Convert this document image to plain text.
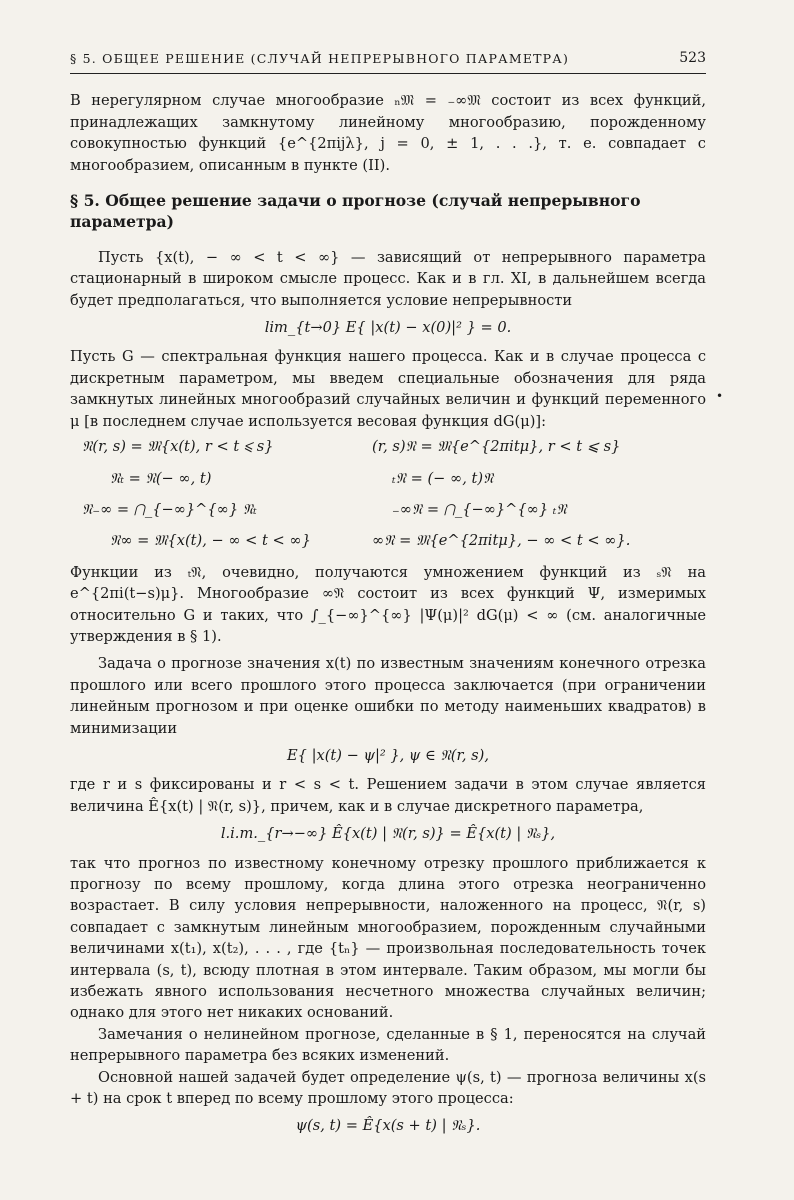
§ 5. ОБЩЕЕ РЕШЕНИЕ (СЛУЧАЙ НЕПРЕРЫВНОГО ПАРАМЕТРА)	523

В нерегулярном случае многообразие ₙ𝔐 = ₋∞𝔐 состоит из всех функций, принадлежащих замкнутому линейному многообразию, порожденному совокупностью функций {e^{2πijλ}, j = 0, ± 1, . . .}, т. е. совпадает с многообразием, описанным в пункте (II).

§ 5. Общее решение задачи о прогнозе (случай непрерывного параметра)

Пусть {x(t), − ∞ < t < ∞} — зависящий от непрерывного параметра стационарный в широком смысле процесс. Как и в гл. XI, в дальнейшем всегда будет предполагаться, что выполняется условие непрерывности

lim_{t→0} E{ |x(t) − x(0)|² } = 0.

Пусть G — спектральная функция нашего процесса. Как и в случае процесса с дискретным параметром, мы введем специальные обозначения для ряда замкнутых линейных многообразий случайных величин и функций переменного μ [в последнем случае используется весовая функция dG(μ)]:

𝔑(r, s) = 𝔐{x(t), r < t ⩽ s}	(r, s)𝔑 = 𝔐{e^{2πitμ}, r < t ⩽ s}
𝔑ₜ = 𝔑(− ∞, t)	ₜ𝔑 = (− ∞, t)𝔑
𝔑₋∞ = ⋂_{−∞}^{∞} 𝔑ₜ	₋∞𝔑 = ⋂_{−∞}^{∞} ₜ𝔑
𝔑∞ = 𝔐{x(t), − ∞ < t < ∞}	∞𝔑 = 𝔐{e^{2πitμ}, − ∞ < t < ∞}.

Функции из ₜ𝔑, очевидно, получаются умножением функций из ₛ𝔑 на e^{2πi(t−s)μ}. Многообразие ∞𝔑 состоит из всех функций Ψ, измеримых относительно G и таких, что ∫_{−∞}^{∞} |Ψ(μ)|² dG(μ) < ∞ (см. аналогичные утверждения в § 1).

Задача о прогнозе значения x(t) по известным значениям конечного отрезка прошлого или всего прошлого этого процесса заключается (при ограничении линейным прогнозом и при оценке ошибки по методу наименьших квадратов) в минимизации

E{ |x(t) − ψ|² }, ψ ∈ 𝔑(r, s),

где r и s фиксированы и r < s < t. Решением задачи в этом случае является величина Ê{x(t) | 𝔑(r, s)}, причем, как и в случае дискретного параметра,

l.i.m._{r→−∞} Ê{x(t) | 𝔑(r, s)} = Ê{x(t) | 𝔑ₛ},

так что прогноз по известному конечному отрезку прошлого приближается к прогнозу по всему прошлому, когда длина этого отрезка неограниченно возрастает. В силу условия непрерывности, наложенного на процесс, 𝔑(r, s) совпадает с замкнутым линейным многообразием, порожденным случайными величинами x(t₁), x(t₂), . . . , где {tₙ} — произвольная последовательность точек интервала (s, t), всюду плотная в этом интервале. Таким образом, мы могли бы избежать явного использования несчетного множества случайных величин; однако для этого нет никаких оснований.

Замечания о нелинейном прогнозе, сделанные в § 1, переносятся на случай непрерывного параметра без всяких изменений.

Основной нашей задачей будет определение ψ(s, t) — прогноза величины x(s + t) на срок t вперед по всему прошлому этого процесса:

ψ(s, t) = Ê{x(s + t) | 𝔑ₛ}.
•
